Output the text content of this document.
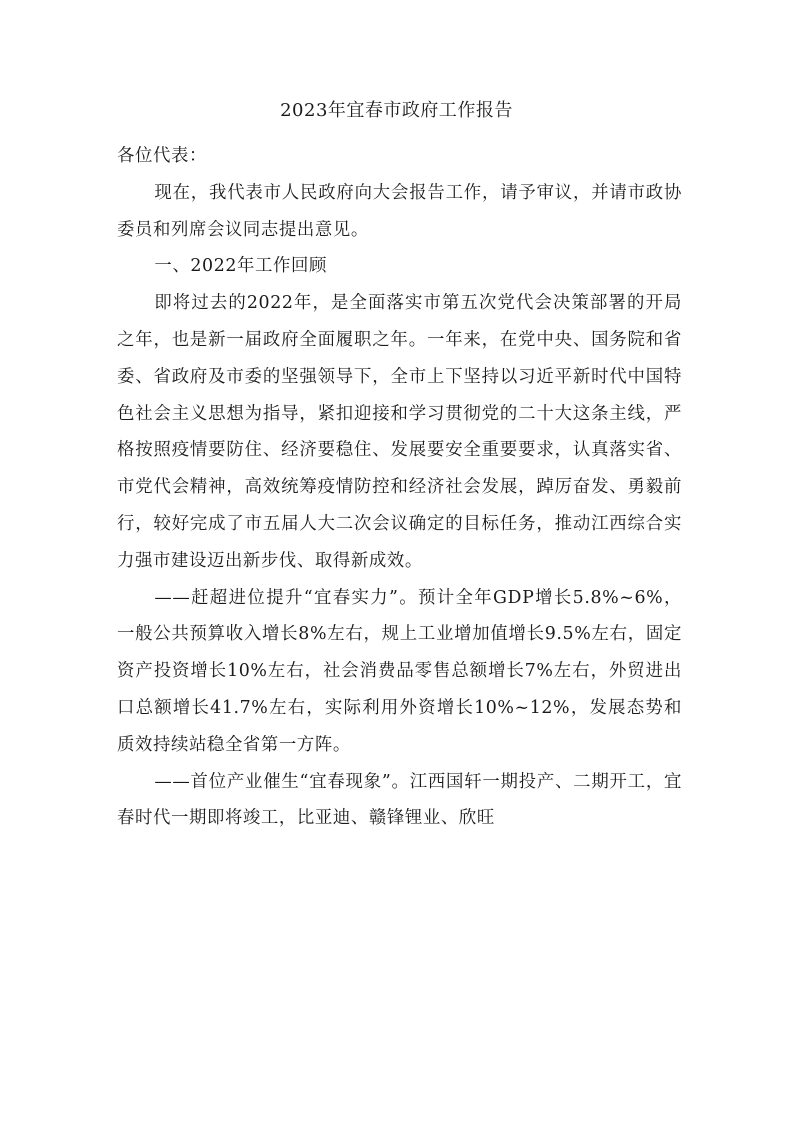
2023年宜春市政府工作报告

各位代表：

现在，我代表市人民政府向大会报告工作，请予审议，并请市政协委员和列席会议同志提出意见。

一、2022年工作回顾

即将过去的2022年，是全面落实市第五次党代会决策部署的开局之年，也是新一届政府全面履职之年。一年来，在党中央、国务院和省委、省政府及市委的坚强领导下，全市上下坚持以习近平新时代中国特色社会主义思想为指导，紧扣迎接和学习贯彻党的二十大这条主线，严格按照疫情要防住、经济要稳住、发展要安全重要要求，认真落实省、市党代会精神，高效统筹疫情防控和经济社会发展，踔厉奋发、勇毅前行，较好完成了市五届人大二次会议确定的目标任务，推动江西综合实力强市建设迈出新步伐、取得新成效。

——赶超进位提升“宜春实力”。预计全年GDP增长5.8%~6%，一般公共预算收入增长8%左右，规上工业增加值增长9.5%左右，固定资产投资增长10%左右，社会消费品零售总额增长7%左右，外贸进出口总额增长41.7%左右，实际利用外资增长10%~12%，发展态势和质效持续站稳全省第一方阵。

——首位产业催生“宜春现象”。江西国轩一期投产、二期开工，宜春时代一期即将竣工，比亚迪、赣锋锂业、欣旺
